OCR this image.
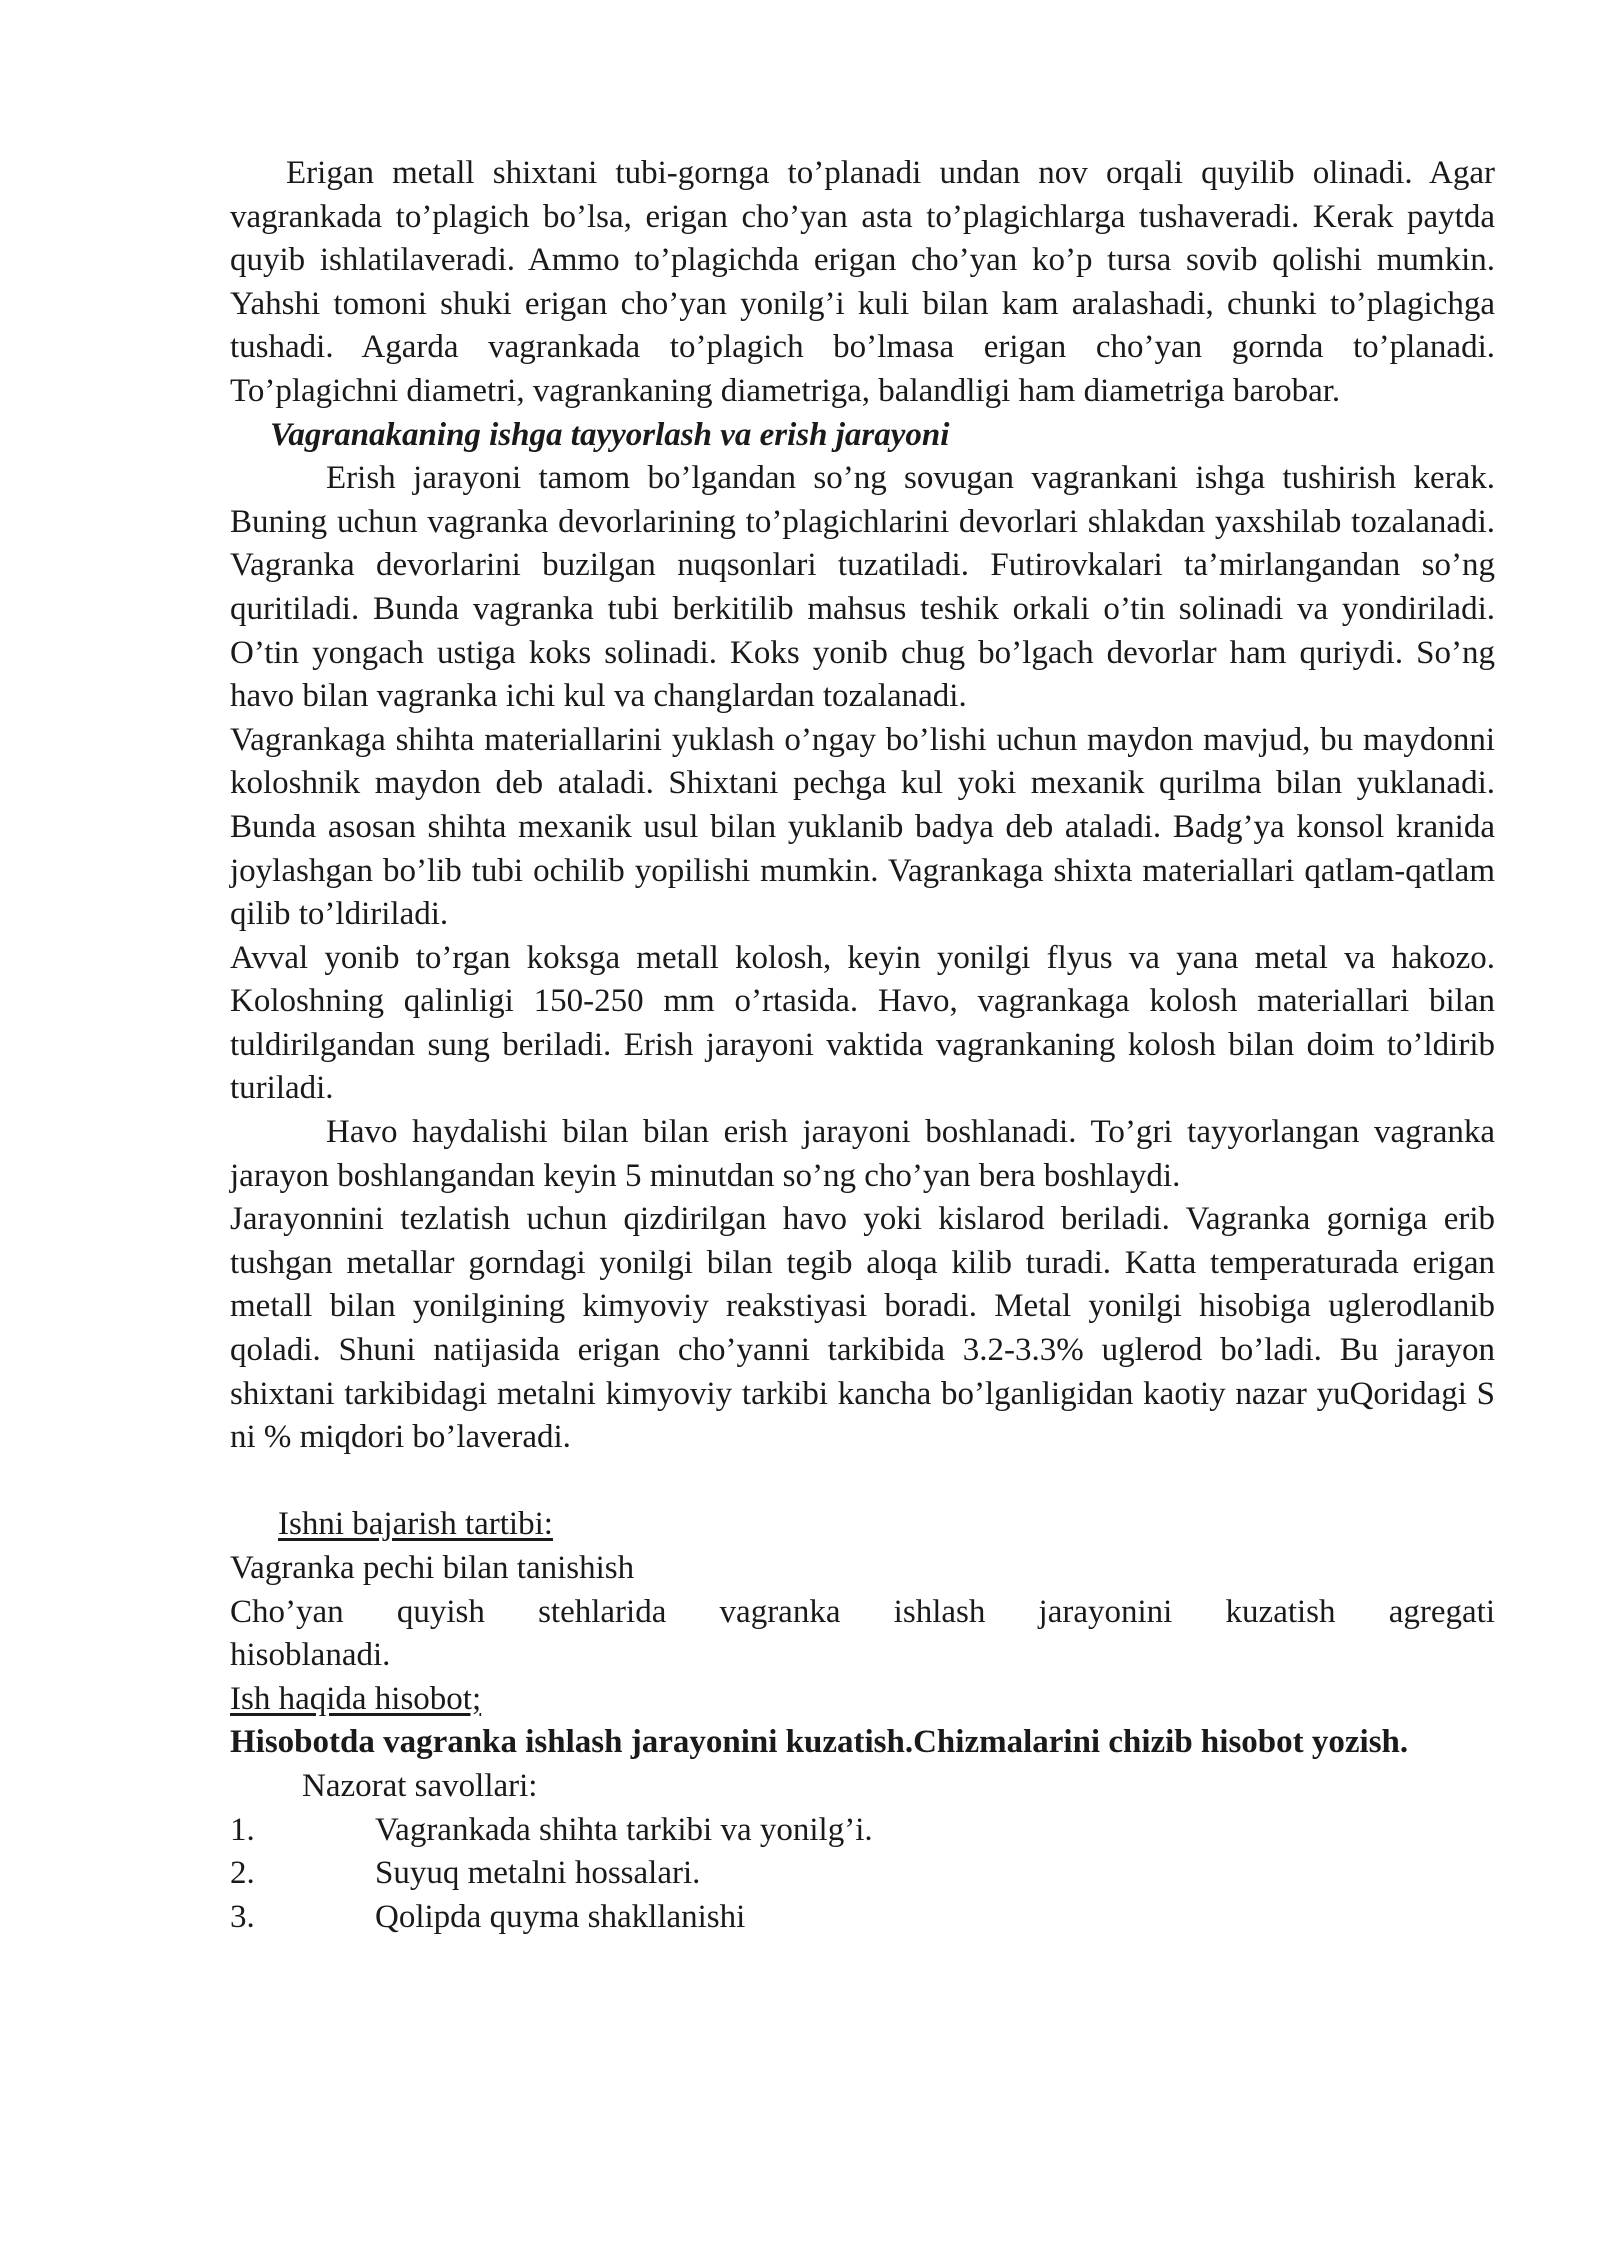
Erigan metall shixtani tubi-gornga to’planadi undan nov orqali quyilib olinadi. Agar vagrankada to’plagich bo’lsa, erigan cho’yan asta to’plagichlarga tushaveradi. Kerak paytda quyib ishlatilaveradi. Ammo to’plagichda erigan cho’yan ko’p tursa sovib qolishi mumkin. Yahshi tomoni shuki erigan cho’yan yonilg’i kuli bilan kam aralashadi, chunki to’plagichga tushadi. Agarda vagrankada to’plagich bo’lmasa erigan cho’yan gornda to’planadi. To’plagichni diametri, vagrankaning diametriga, balandligi ham diametriga barobar.

Vagranakaning ishga tayyorlash va erish jarayoni

Erish jarayoni tamom bo’lgandan so’ng sovugan vagrankani ishga tushirish kerak. Buning uchun vagranka devorlarining to’plagichlarini devorlari shlakdan yaxshilab tozalanadi. Vagranka devorlarini buzilgan nuqsonlari tuzatiladi. Futirovkalari ta’mirlangandan so’ng quritiladi. Bunda vagranka tubi berkitilib mahsus teshik orkali o’tin solinadi va yondiriladi. O’tin yongach ustiga koks solinadi. Koks yonib chug bo’lgach devorlar ham quriydi. So’ng havo bilan vagranka ichi kul va changlardan tozalanadi.

Vagrankaga shihta materiallarini yuklash o’ngay bo’lishi uchun maydon mavjud, bu maydonni koloshnik maydon deb ataladi. Shixtani pechga kul yoki mexanik qurilma bilan yuklanadi. Bunda asosan shihta mexanik usul bilan yuklanib badya deb ataladi. Badg’ya konsol kranida joylashgan bo’lib tubi ochilib yopilishi mumkin. Vagrankaga shixta materiallari qatlam-qatlam qilib to’ldiriladi.

Avval yonib to’rgan koksga metall kolosh, keyin yonilgi flyus va yana metal va hakozo. Koloshning qalinligi 150-250 mm o’rtasida. Havo, vagrankaga kolosh materiallari bilan tuldirilgandan sung beriladi. Erish jarayoni vaktida vagrankaning kolosh bilan doim to’ldirib turiladi.

Havo haydalishi bilan bilan erish jarayoni boshlanadi. To’gri tayyorlangan vagranka jarayon boshlangandan keyin 5 minutdan so’ng cho’yan bera boshlaydi.

Jarayonnini tezlatish uchun qizdirilgan havo yoki kislarod beriladi. Vagranka gorniga erib tushgan metallar gorndagi yonilgi bilan tegib aloqa kilib turadi. Katta temperaturada erigan metall bilan yonilgining kimyoviy reakstiyasi boradi. Metal yonilgi hisobiga uglerodlanib qoladi. Shuni natijasida erigan cho’yanni tarkibida 3.2-3.3% uglerod bo’ladi. Bu jarayon shixtani tarkibidagi metalni kimyoviy tarkibi kancha bo’lganligidan kaotiy nazar yuQoridagi S ni % miqdori bo’laveradi.

Ishni bajarish tartibi:

Vagranka pechi bilan tanishish

Cho’yan quyish stehlarida vagranka ishlash jarayonini kuzatish agregati hisoblanadi.

Ish haqida hisobot;

Hisobotda vagranka ishlash jarayonini kuzatish.Chizmalarini chizib hisobot yozish.

Nazorat savollari:

1.	Vagrankada shihta tarkibi va yonilg’i.
2.	Suyuq metalni hossalari.
3.	Qolipda quyma shakllanishi
